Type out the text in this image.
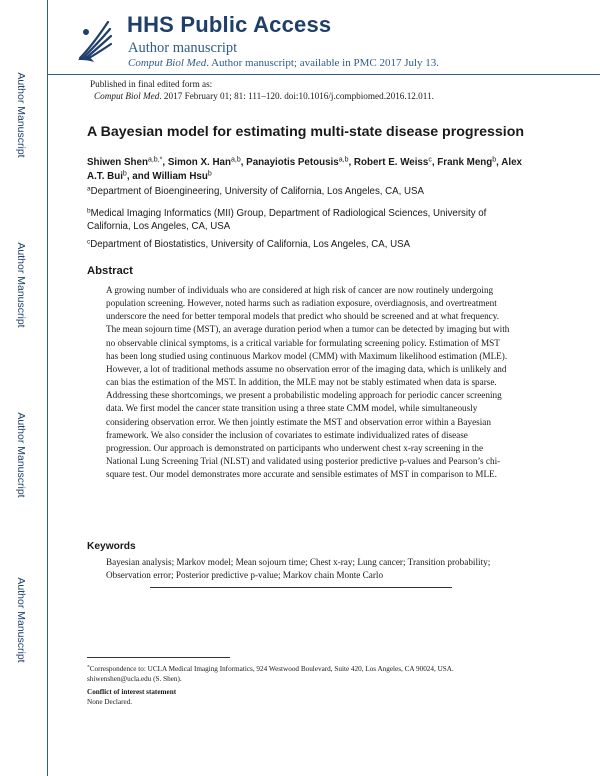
Author Manuscript
Author Manuscript
Author Manuscript
Author Manuscript
HHS Public Access
Author manuscript
Comput Biol Med. Author manuscript; available in PMC 2017 July 13.
Published in final edited form as:
Comput Biol Med. 2017 February 01; 81: 111–120. doi:10.1016/j.compbiomed.2016.12.011.
A Bayesian model for estimating multi-state disease progression
Shiwen Shen$^{a,b,*}$, Simon X. Han$^{a,b}$, Panayiotis Petousis$^{a,b}$, Robert E. Weiss$^c$, Frank Meng$^b$, Alex A.T. Bui$^b$, and William Hsu$^b$
$^a$Department of Bioengineering, University of California, Los Angeles, CA, USA
$^b$Medical Imaging Informatics (MII) Group, Department of Radiological Sciences, University of California, Los Angeles, CA, USA
$^c$Department of Biostatistics, University of California, Los Angeles, CA, USA
Abstract
A growing number of individuals who are considered at high risk of cancer are now routinely undergoing population screening. However, noted harms such as radiation exposure, overdiagnosis, and overtreatment underscore the need for better temporal models that predict who should be screened and at what frequency. The mean sojourn time (MST), an average duration period when a tumor can be detected by imaging but with no observable clinical symptoms, is a critical variable for formulating screening policy. Estimation of MST has been long studied using continuous Markov model (CMM) with Maximum likelihood estimation (MLE). However, a lot of traditional methods assume no observation error of the imaging data, which is unlikely and can bias the estimation of the MST. In addition, the MLE may not be stably estimated when data is sparse. Addressing these shortcomings, we present a probabilistic modeling approach for periodic cancer screening data. We first model the cancer state transition using a three state CMM model, while simultaneously considering observation error. We then jointly estimate the MST and observation error within a Bayesian framework. We also consider the inclusion of covariates to estimate individualized rates of disease progression. Our approach is demonstrated on participants who underwent chest x-ray screening in the National Lung Screening Trial (NLST) and validated using posterior predictive p-values and Pearson’s chi-square test. Our model demonstrates more accurate and sensible estimates of MST in comparison to MLE.
Keywords
Bayesian analysis; Markov model; Mean sojourn time; Chest x-ray; Lung cancer; Transition probability; Observation error; Posterior predictive p-value; Markov chain Monte Carlo
*Correspondence to: UCLA Medical Imaging Informatics, 924 Westwood Boulevard, Suite 420, Los Angeles, CA 90024, USA. shiwenshen@ucla.edu (S. Shen).
Conflict of interest statement
None Declared.
